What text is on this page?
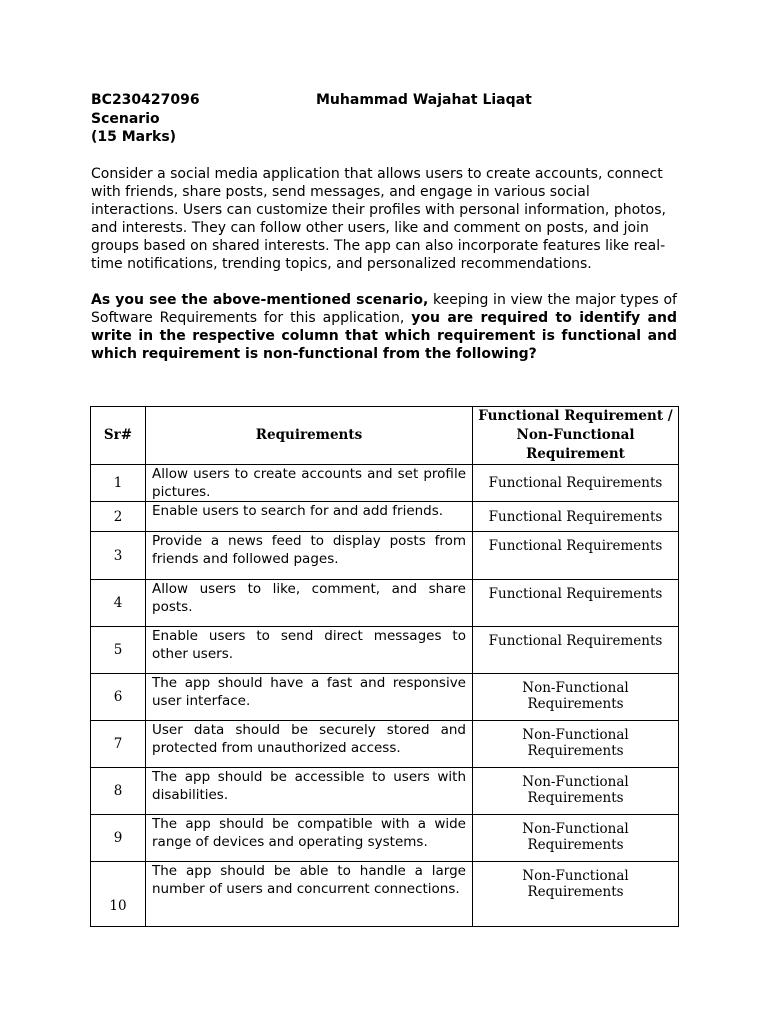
BC230427096	Muhammad Wajahat Liaqat
Scenario
(15 Marks)
Consider a social media application that allows users to create accounts, connect with friends, share posts, send messages, and engage in various social interactions. Users can customize their profiles with personal information, photos, and interests. They can follow other users, like and comment on posts, and join groups based on shared interests. The app can also incorporate features like real-time notifications, trending topics, and personalized recommendations.
As you see the above-mentioned scenario, keeping in view the major types of Software Requirements for this application, you are required to identify and write in the respective column that which requirement is functional and which requirement is non-functional from the following?
Sr#	Requirements	Functional Requirement /
Non-Functional Requirement
1	Allow users to create accounts and set profile pictures.	Functional Requirements
2	Enable users to search for and add friends.	Functional Requirements
3	Provide a news feed to display posts from friends and followed pages.	Functional Requirements
4	Allow users to like, comment, and share posts.	Functional Requirements
5	Enable users to send direct messages to other users.	Functional Requirements
6	The app should have a fast and responsive user interface.	Non-Functional Requirements
7	User data should be securely stored and protected from unauthorized access.	Non-Functional Requirements
8	The app should be accessible to users with disabilities.	Non-Functional Requirements
9	The app should be compatible with a wide range of devices and operating systems.	Non-Functional Requirements
10	The app should be able to handle a large number of users and concurrent connections.	Non-Functional Requirements
